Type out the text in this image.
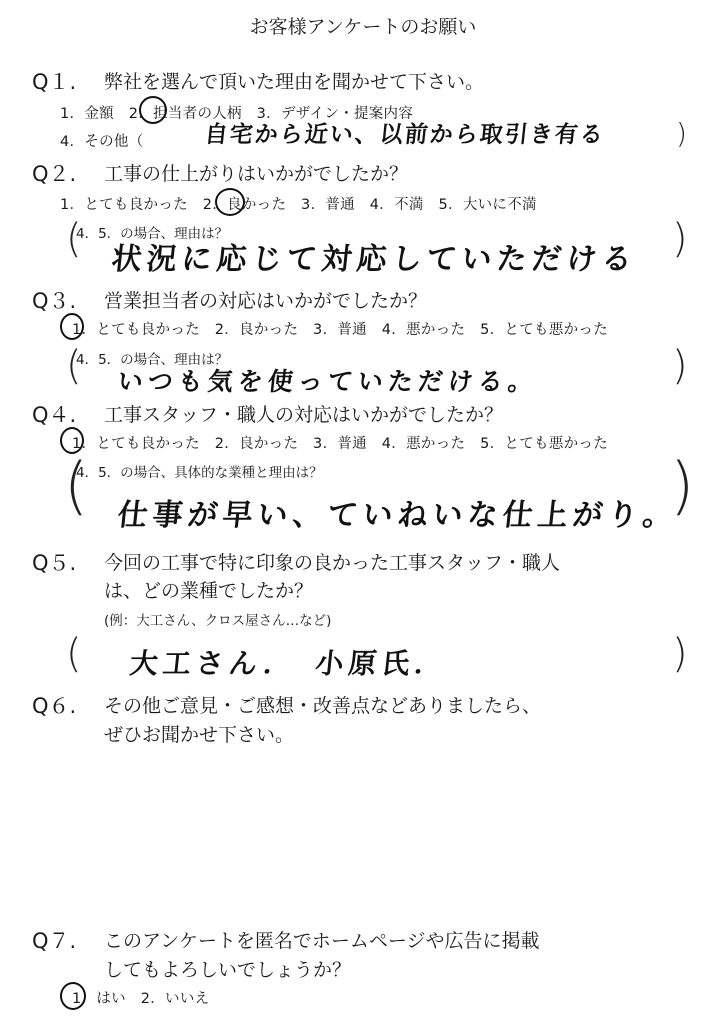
お客様アンケートのお願い
Q１. 弊社を選んで頂いた理由を聞かせて下さい。
1．金額　2．担当者の人柄　3．デザイン・提案内容
4．その他（	自宅から近い、以前から取引き有る )
Q２. 工事の仕上がりはいかがでしたか？
1．とても良かった　2．良かった　3．普通　4．不満　5．大いに不満
(
4．5．の場合、理由は？
状況に応じて対応していただける )
Q３. 営業担当者の対応はいかがでしたか？
1．とても良かった　2．良かった　3．普通　4．悪かった　5．とても悪かった
(
4．5．の場合、理由は？
いつも気を使っていただける。	)
Q４. 工事スタッフ・職人の対応はいかがでしたか？
1．とても良かった　2．良かった　3．普通　4．悪かった　5．とても悪かった
(
4．5．の場合、具体的な業種と理由は？
仕事が早い、ていねいな仕上がり。
)
Q５. 今回の工事で特に印象の良かった工事スタッフ・職人
は、どの業種でしたか？
(例：大工さん、クロス屋さん…など)
( 大工さん．　小原氏．	)
Q６. その他ご意見・ご感想・改善点などありましたら、
ぜひお聞かせ下さい。
Q７. このアンケートを匿名でホームページや広告に掲載
してもよろしいでしょうか？
1．はい　2．いいえ
